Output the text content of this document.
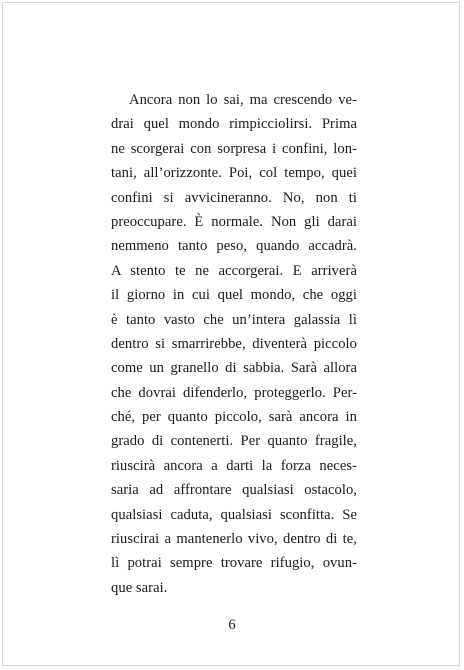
Ancora non lo sai, ma crescendo ve-
drai quel mondo rimpicciolirsi. Prima
ne scorgerai con sorpresa i confini, lon-
tani, all’orizzonte. Poi, col tempo, quei
confini si avvicineranno. No, non ti
preoccupare. È normale. Non gli darai
nemmeno tanto peso, quando accadrà.
A stento te ne accorgerai. E arriverà
il giorno in cui quel mondo, che oggi
è tanto vasto che un’intera galassia lì
dentro si smarrirebbe, diventerà piccolo
come un granello di sabbia. Sarà allora
che dovrai difenderlo, proteggerlo. Per-
ché, per quanto piccolo, sarà ancora in
grado di contenerti. Per quanto fragile,
riuscirà ancora a darti la forza neces-
saria ad affrontare qualsiasi ostacolo,
qualsiasi caduta, qualsiasi sconfitta. Se
riuscirai a mantenerlo vivo, dentro di te,
lì potrai sempre trovare rifugio, ovun-
que sarai.
6
